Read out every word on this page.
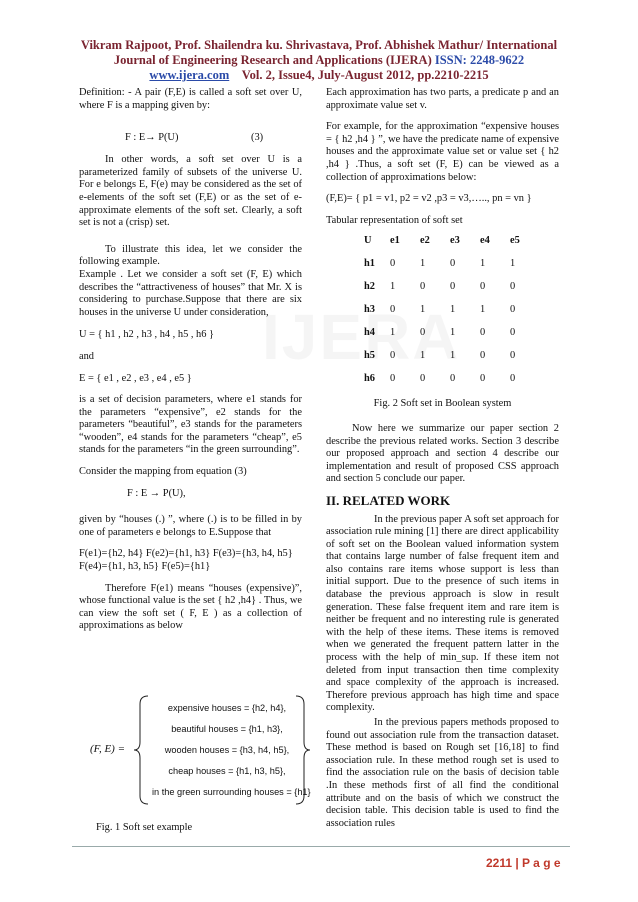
Vikram Rajpoot, Prof. Shailendra ku. Shrivastava, Prof. Abhishek Mathur/ International
Journal of Engineering Research and Applications (IJERA) ISSN: 2248-9622
www.ijera.com Vol. 2, Issue4, July-August 2012, pp.2210-2215

Definition: - A pair (F,E) is called a soft set over U, where F is a mapping given by:

F : E→ P(U)	(3)

In other words, a soft set over U is a parameterized family of subsets of the universe U. For e belongs E, F(e) may be considered as the set of e-elements of the soft set (F,E) or as the set of e-approximate elements of the soft set. Clearly, a soft set is not a (crisp) set.

To illustrate this idea, let we consider the following example.

Example . Let we consider a soft set (F, E) which describes the “attractiveness of houses” that Mr. X is considering to purchase.Suppose that there are six houses in the universe U under consideration,

U = { h1 , h2 , h3 , h4 , h5 , h6 }

and

E = { e1 , e2 , e3 , e4 , e5 }

is a set of decision parameters, where e1 stands for the parameters “expensive”, e2 stands for the parameters “beautiful”, e3 stands for the parameters “wooden”, e4 stands for the parameters “cheap”, e5 stands for the parameters “in the green surrounding”.

Consider the mapping from equation (3)

F : E → P(U),

given by “houses (.) ”, where (.) is to be filled in by one of parameters e belongs to E.Suppose that

F(e1)={h2, h4} F(e2)={h1, h3} F(e3)={h3, h4, h5}
F(e4)={h1, h3, h5} F(e5)={h1}

Therefore F(e1) means “houses (expensive)”, whose functional value is the set { h2 ,h4} . Thus, we can view the soft set ( F, E ) as a collection of approximations as below

(F, E) =
expensive houses = {h2, h4},
beautiful houses = {h1, h3},
wooden houses = {h3, h4, h5},
cheap houses = {h1, h3, h5},
in the green surrounding houses = {h1}
Fig. 1 Soft set example

Each approximation has two parts, a predicate p and an approximate value set v.

For example, for the approximation “expensive houses = { h2 ,h4 } ”, we have the predicate name of expensive houses and the approximate value set or value set { h2 ,h4 } .Thus, a soft set (F, E) can be viewed as a collection of approximations below:

(F,E)= { p1 = v1, p2 = v2 ,p3 = v3,….., pn = vn }

Tabular representation of soft set

U	e1	e2	e3	e4	e5
h1	0	1	0	1	1
h2	1	0	0	0	0
h3	0	1	1	1	0
h4	1	0	1	0	0
h5	0	1	1	0	0
h6	0	0	0	0	0

Fig. 2 Soft set in Boolean system

Now here we summarize our paper section 2 describe the previous related works. Section 3 describe our proposed approach and section 4 describe our implementation and result of proposed CSS approach and section 5 conclude our paper.

II. RELATED WORK

In the previous paper A soft set approach for association rule mining [1] there are direct applicability of soft set on the Boolean valued information system that contains large number of false frequent item and also contains rare items whose support is less than initial support. Due to the presence of such items in database the previous approach is slow in result generation. These false frequent item and rare item is neither be frequent and no interesting rule is generated with the help of these items. These items is removed when we generated the frequent pattern latter in the process with the help of min_sup. If these item not deleted from input transaction then time complexity and space complexity of the approach is increased. Therefore previous approach has high time and space complexity.

In the previous papers methods proposed to found out association rule from the transaction dataset. These method is based on Rough set [16,18] to find association rule. In these method rough set is used to find the association rule on the basis of decision table .In these methods first of all find the conditional attribute and on the basis of which we construct the decision table. This decision table is used to find the association rules

2211 | P a g e
